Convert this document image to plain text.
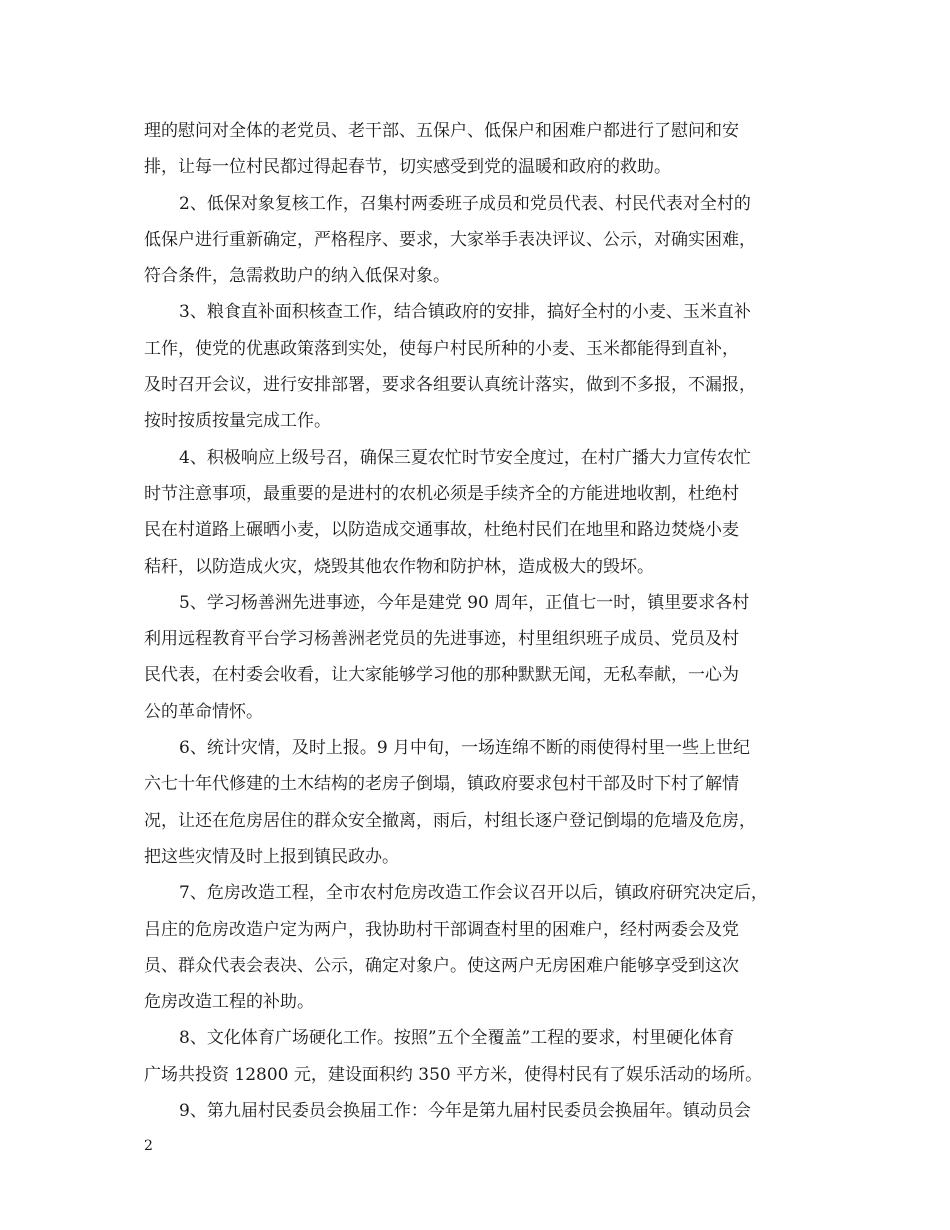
理的慰问对全体的老党员、老干部、五保户、低保户和困难户都进行了慰问和安
排，让每一位村民都过得起春节，切实感受到党的温暖和政府的救助。
2、低保对象复核工作，召集村两委班子成员和党员代表、村民代表对全村的
低保户进行重新确定，严格程序、要求，大家举手表决评议、公示，对确实困难，
符合条件，急需救助户的纳入低保对象。
3、粮食直补面积核查工作，结合镇政府的安排，搞好全村的小麦、玉米直补
工作，使党的优惠政策落到实处，使每户村民所种的小麦、玉米都能得到直补，
及时召开会议，进行安排部署，要求各组要认真统计落实，做到不多报，不漏报，
按时按质按量完成工作。
4、积极响应上级号召，确保三夏农忙时节安全度过，在村广播大力宣传农忙
时节注意事项，最重要的是进村的农机必须是手续齐全的方能进地收割，杜绝村
民在村道路上碾晒小麦，以防造成交通事故，杜绝村民们在地里和路边焚烧小麦
秸秆，以防造成火灾，烧毁其他农作物和防护林，造成极大的毁坏。
5、学习杨善洲先进事迹，今年是建党 90 周年，正值七一时，镇里要求各村
利用远程教育平台学习杨善洲老党员的先进事迹，村里组织班子成员、党员及村
民代表，在村委会收看，让大家能够学习他的那种默默无闻，无私奉献，一心为
公的革命情怀。
6、统计灾情，及时上报。9 月中旬，一场连绵不断的雨使得村里一些上世纪
六七十年代修建的土木结构的老房子倒塌，镇政府要求包村干部及时下村了解情
况，让还在危房居住的群众安全撤离，雨后，村组长逐户登记倒塌的危墙及危房，
把这些灾情及时上报到镇民政办。
7、危房改造工程，全市农村危房改造工作会议召开以后，镇政府研究决定后，
吕庄的危房改造户定为两户，我协助村干部调查村里的困难户，经村两委会及党
员、群众代表会表决、公示，确定对象户。使这两户无房困难户能够享受到这次
危房改造工程的补助。
8、文化体育广场硬化工作。按照”五个全覆盖”工程的要求，村里硬化体育
广场共投资 12800 元，建设面积约 350 平方米，使得村民有了娱乐活动的场所。
9、第九届村民委员会换届工作：今年是第九届村民委员会换届年。镇动员会
2
